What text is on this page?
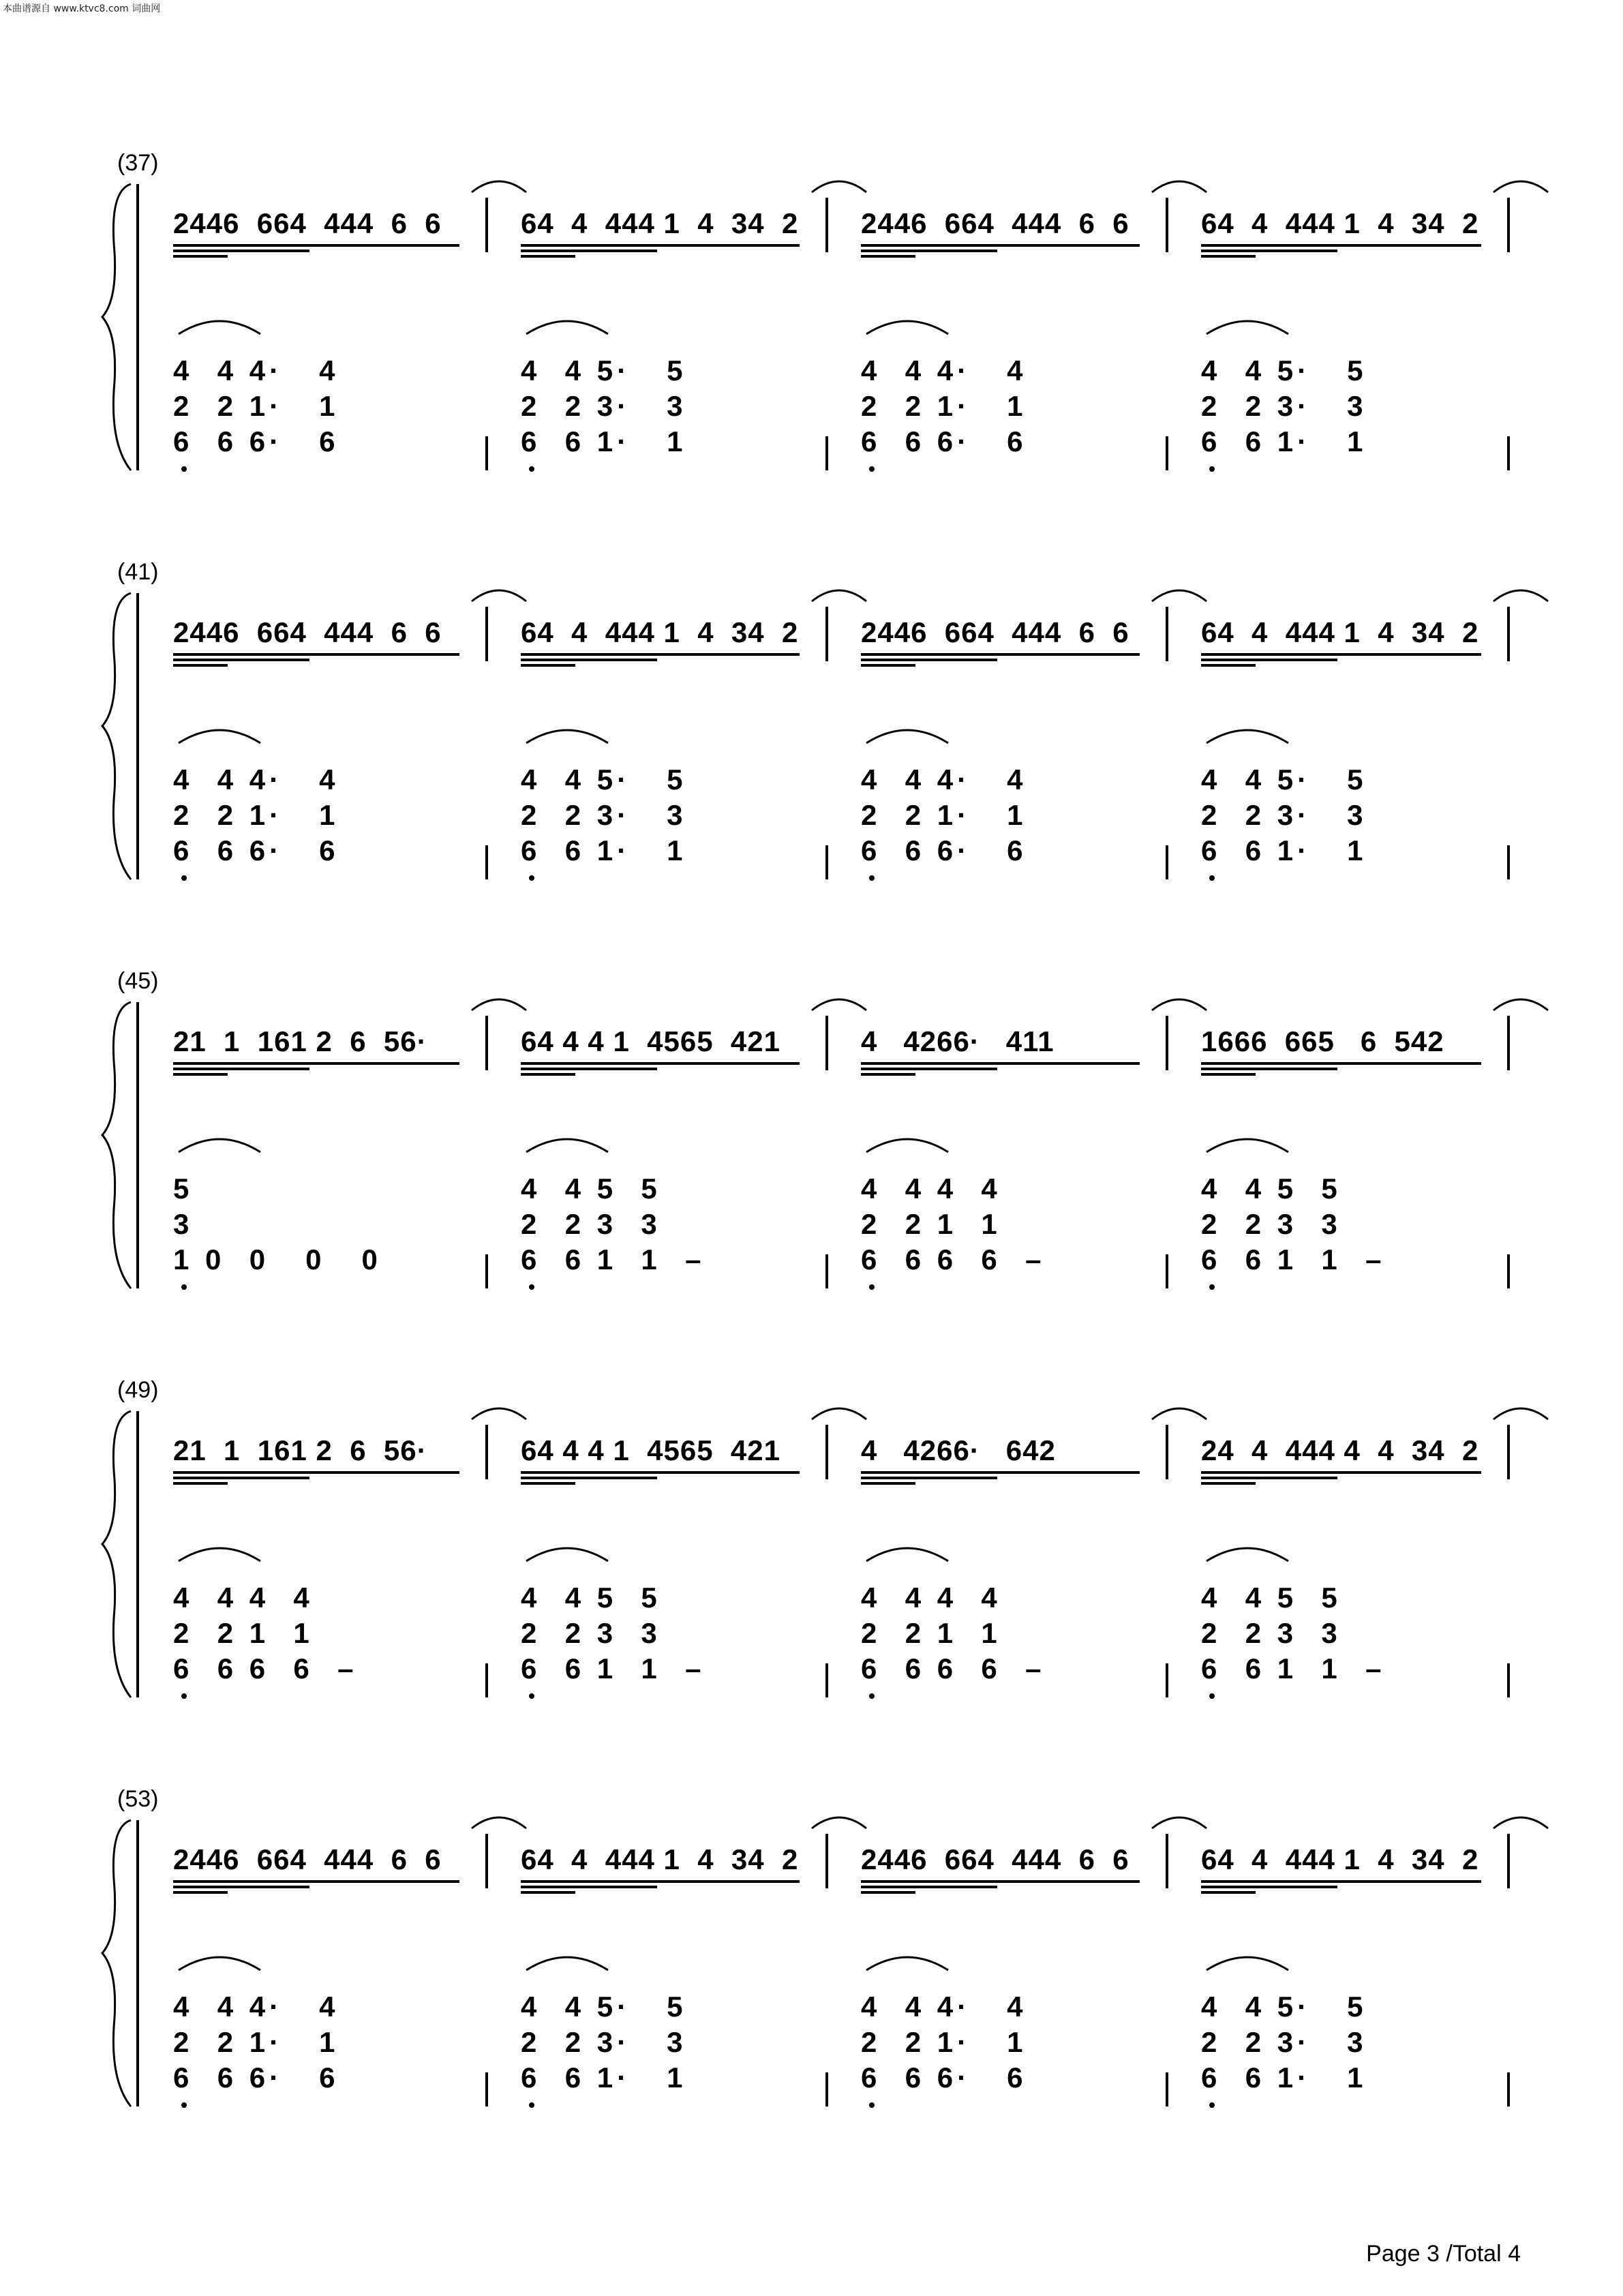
本曲谱源自 www.ktvc8.com 词曲网
(37)
2446  664  444  6  6	64  4  444 1  4  34  2	2446  664  444  6  6	64  4  444 1  4  34  2
4  4 4·   4	4  4 5·   5	4  4 4·   4	4  4 5·   5
2  2 1·   1	2  2 3·   3	2  2 1·   1	2  2 3·   3
6  6 6·   6	6  6 1·   1	6  6 6·   6	6  6 1·   1
(41)
2446  664  444  6  6	64  4  444 1  4  34  2	2446  664  444  6  6	64  4  444 1  4  34  2
4  4 4·   4	4  4 5·   5	4  4 4·   4	4  4 5·   5
2  2 1·   1	2  2 3·   3	2  2 1·   1	2  2 3·   3
6  6 6·   6	6  6 1·   1	6  6 6·   6	6  6 1·   1
(45)
21  1  161 2  6  56·	64 4 4 1  4565  421	4   4266·   411	1666  665   6  542
5	4  4 5  5	4  4 4  4	4  4 5  5
3	2  2 3  3	2  2 1  1	2  2 3  3
1 0  0   0   0	6  6 1  1  –	6  6 6  6  –	6  6 1  1  –
(49)
21  1  161 2  6  56·	64 4 4 1  4565  421	4   4266·   642	24  4  444 4  4  34  2
4  4 4  4	4  4 5  5	4  4 4  4	4  4 5  5
2  2 1  1	2  2 3  3	2  2 1  1	2  2 3  3
6  6 6  6  –	6  6 1  1  –	6  6 6  6  –	6  6 1  1  –
(53)
2446  664  444  6  6	64  4  444 1  4  34  2	2446  664  444  6  6	64  4  444 1  4  34  2
4  4 4·   4	4  4 5·   5	4  4 4·   4	4  4 5·   5
2  2 1·   1	2  2 3·   3	2  2 1·   1	2  2 3·   3
6  6 6·   6	6  6 1·   1	6  6 6·   6	6  6 1·   1
Page 3 /Total 4
